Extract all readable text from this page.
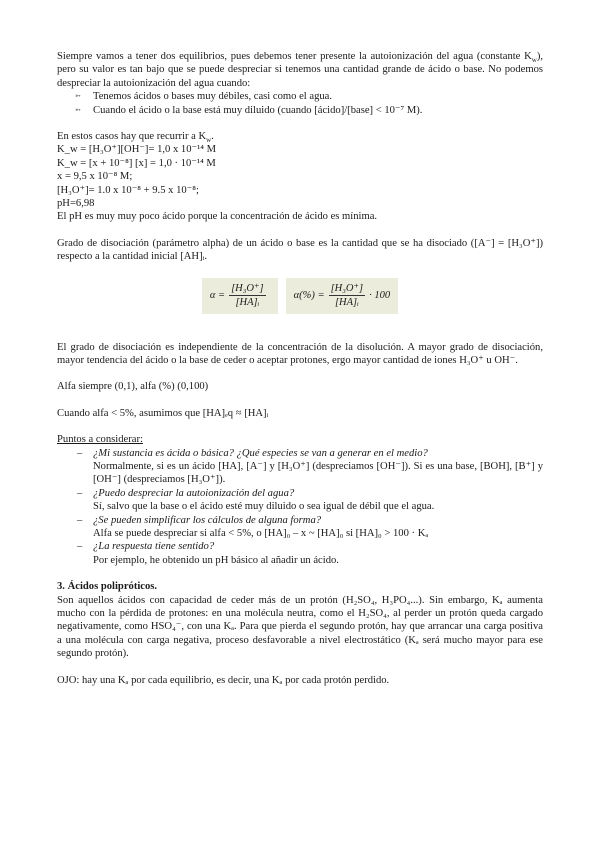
Siempre vamos a tener dos equilibrios, pues debemos tener presente la autoionización del agua (constante $K_w$), pero su valor es tan bajo que se puede despreciar si tenemos una cantidad grande de ácido o base. No podemos despreciar la autoionización del agua cuando:

➳ Tenemos ácidos o bases muy débiles, casi como el agua.
➳ Cuando el ácido o la base está muy diluido (cuando [ácido]/[base] < 10⁻⁷ M).

En estos casos hay que recurrir a $K_w$.

K_w = [H₃O⁺][OH⁻]= 1,0 x 10⁻¹⁴ M

K_w = [x + 10⁻⁸] [x] = 1,0 · 10⁻¹⁴ M

x = 9,5 x 10⁻⁸ M;

[H₃O⁺]= 1.0 x 10⁻⁸ + 9.5 x 10⁻⁸;

pH=6,98

El pH es muy muy poco ácido porque la concentración de ácido es mínima.

Grado de disociación (parámetro alpha) de un ácido o base es la cantidad que se ha disociado ([A⁻] = [H₃O⁺]) respecto a la cantidad inicial [AH]ᵢ.

$\alpha = \frac{\text{[H₃O⁺]}}{\text{[HA]ᵢ}}$	$\alpha(\%) = \frac{\text{[H₃O⁺]}}{\text{[HA]ᵢ}} \cdot 100$

El grado de disociación es independiente de la concentración de la disolución. A mayor grado de disociación, mayor tendencia del ácido o la base de ceder o aceptar protones, ergo mayor cantidad de iones H₃O⁺ u OH⁻.

Alfa siempre (0,1), alfa (%) (0,100)

Cuando alfa < 5%, asumimos que [HA]ₑq ≈ [HA]ᵢ

Puntos a considerar:

– ¿Mi sustancia es ácida o básica? ¿Qué especies se van a generar en el medio?

Normalmente, si es un ácido [HA], [A⁻] y [H₃O⁺] (despreciamos [OH⁻]). Si es una base, [BOH], [B⁺] y [OH⁻] (despreciamos [H₃O⁺]).

– ¿Puedo despreciar la autoionización del agua?

Sí, salvo que la base o el ácido esté muy diluido o sea igual de débil que el agua.

– ¿Se pueden simplificar los cálculos de alguna forma?

Alfa se puede despreciar si alfa < 5%, o [HA]₀ – x ~ [HA]₀ si [HA]₀ > 100 · Kₐ

– ¿La respuesta tiene sentido?

Por ejemplo, he obtenido un pH básico al añadir un ácido.

3. Ácidos polipróticos.

Son aquellos ácidos con capacidad de ceder más de un protón (H₂SO₄, H₃PO₄...). Sin embargo, Kₐ aumenta mucho con la pérdida de protones: en una molécula neutra, como el H₂SO₄, al perder un protón queda cargado negativamente, como HSO₄⁻, con una Kₐ. Para que pierda el segundo protón, hay que arrancar una carga positiva a una molécula con carga negativa, proceso desfavorable a nivel electrostático (Kₐ será mucho mayor para ese segundo protón).

OJO: hay una Kₐ por cada equilibrio, es decir, una Kₐ por cada protón perdido.
